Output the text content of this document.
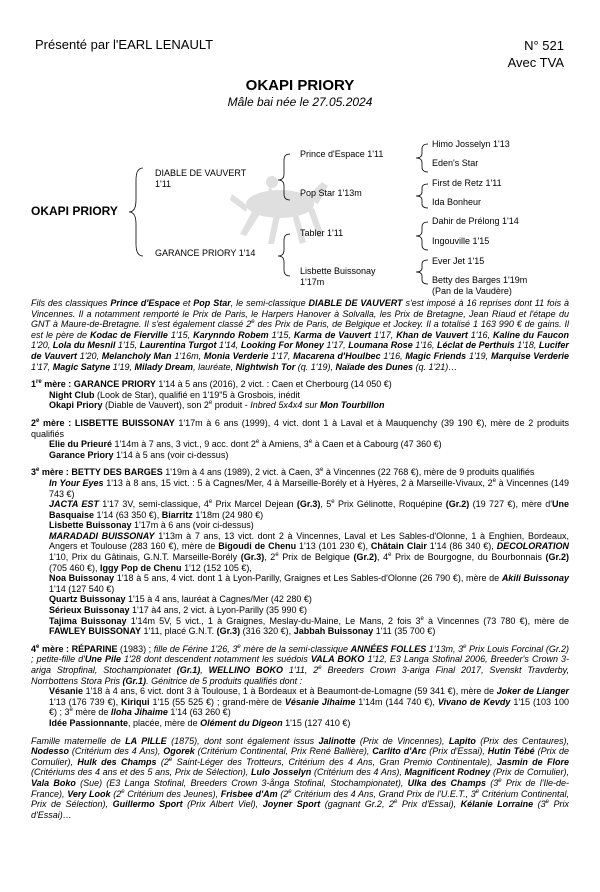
Présenté par l'EARL LENAULT	N° 521
Avec TVA
OKAPI PRIORY
Mâle bai née le 27.05.2024
OKAPI PRIORY
DIABLE DE VAUVERT
1'11
GARANCE PRIORY 1'14
Prince d'Espace 1'11
Pop Star 1'13m
Tabler 1'11
Lisbette Buissonay
1'17m
Himo Josselyn 1'13
Eden's Star
First de Retz 1'11
Ida Bonheur
Dahir de Prélong 1'14
Ingouville 1'15
Ever Jet 1'15
Betty des Barges 1'19m
(Pan de la Vaudère)

Fils des classiques Prince d'Espace et Pop Star, le semi-classique DIABLE DE VAUVERT s'est imposé à 16 reprises dont 11 fois à Vincennes. Il a notamment remporté le Prix de Paris, le Harpers Hanover à Solvalla, les Prix de Bretagne, Jean Riaud et l'étape du GNT à Maure-de-Bretagne. Il s'est également classé 2e des Prix de Paris, de Belgique et Jockey. Il a totalisé 1 163 990 € de gains. Il est le père de Kodac de Fierville 1'15, Karynndo Robem 1'15, Karma de Vauvert 1'17, Khan de Vauvert 1'16, Kaline du Faucon 1'20, Lola du Mesnil 1'15, Laurentina Turgot 1'14, Looking For Money 1'17, Loumana Rose 1'16, Léclat de Perthuis 1'18, Lucifer de Vauvert 1'20, Melancholy Man 1'16m, Monia Verderie 1'17, Macarena d'Houlbec 1'16, Magic Friends 1'19, Marquise Verderie 1'17, Magic Satyne 1'19, Milady Dream, lauréate, Nightwish Tor (q. 1'19), Naïade des Dunes (q. 1'21)…

1re mère : GARANCE PRIORY 1'14 à 5 ans (2016), 2 vict. : Caen et Cherbourg (14 050 €)

Night Club (Look de Star), qualifié en 1'19"5 à Grosbois, inédit

Okapi Priory (Diable de Vauvert), son 2e produit - Inbred 5x4x4 sur Mon Tourbillon

2e mère : LISBETTE BUISSONAY 1'17m à 6 ans (1999), 4 vict. dont 1 à Laval et à Mauquenchy (39 190 €), mère de 2 produits qualifiés

Elie du Prieuré 1'14m à 7 ans, 3 vict., 9 acc. dont 2e à Amiens, 3e à Caen et à Cabourg (47 360 €)

Garance Priory 1'14 à 5 ans (voir ci-dessus)

3e mère : BETTY DES BARGES 1'19m à 4 ans (1989), 2 vict. à Caen, 3e à Vincennes (22 768 €), mère de 9 produits qualifiés

In Your Eyes 1'13 à 8 ans, 15 vict. : 5 à Cagnes/Mer, 4 à Marseille-Borély et à Hyères, 2 à Marseille-Vivaux, 2e à Vincennes (149 743 €)

JACTA EST 1'17 3V, semi-classique, 4e Prix Marcel Dejean (Gr.3), 5e Prix Gélinotte, Roquépine (Gr.2) (19 727 €), mère d'Une Basquaise 1'14 (63 350 €), Biarritz 1'18m (24 980 €)

Lisbette Buissonay 1'17m à 6 ans (voir ci-dessus)

MARADADI BUISSONAY 1'13m à 7 ans, 13 vict. dont 2 à Vincennes, Laval et Les Sables-d'Olonne, 1 à Enghien, Bordeaux, Angers et Toulouse (283 160 €), mère de Bigoudi de Chenu 1'13 (101 230 €), Châtain Clair 1'14 (86 340 €), DECOLORATION 1'10, Prix du Gâtinais, G.N.T. Marseille-Borély (Gr.3), 2e Prix de Belgique (Gr.2), 4e Prix de Bourgogne, du Bourbonnais (Gr.2) (705 460 €), Iggy Pop de Chenu 1'12 (152 105 €),

Noa Buissonay 1'18 à 5 ans, 4 vict. dont 1 à Lyon-Parilly, Graignes et Les Sables-d'Olonne (26 790 €), mère de Akili Buissonay 1'14 (127 540 €)

Quartz Buissonay 1'15 à 4 ans, lauréat à Cagnes/Mer (42 280 €)

Sérieux Buissonay 1'17 à4 ans, 2 vict. à Lyon-Parilly (35 990 €)

Tajima Buissonay 1'14m 5V, 5 vict., 1 à Graignes, Meslay-du-Maine, Le Mans, 2 fois 3e à Vincennes (73 780 €), mère de FAWLEY BUISSONAY 1'11, placé G.N.T. (Gr.3) (316 320 €), Jabbah Buissonay 1'11 (35 700 €)

4e mère : RÉPARINE (1983) ; fille de Férine 1'26, 3e mère de la semi-classique ANNÉES FOLLES 1'13m, 3e Prix Louis Forcinal (Gr.2) ; petite-fille d'Une Pile 1'28 dont descendent notamment les suédois VALA BOKO 1'12, E3 Langa Stofinal 2006, Breeder's Crown 3-ariga Stropfinal, Stochampionatet (Gr.1), WELLINO BOKO 1'11, 2e Breeders Crown 3-ariga Final 2017, Svenskt Travderby, Norrbottens Stora Pris (Gr.1). Génitrice de 5 produits qualifiés dont :

Vésanie 1'18 à 4 ans, 6 vict. dont 3 à Toulouse, 1 à Bordeaux et à Beaumont-de-Lomagne (59 341 €), mère de Joker de Lianger 1'13 (176 739 €), Kiriqui 1'15 (55 525 €) ; grand-mère de Vésanie Jihaime 1'14m (144 740 €), Vivano de Kevdy 1'15 (103 100 €) ; 3e mère de Iloha Jihaime 1'14 (63 260 €)

Idée Passionnante, placée, mère de Olément du Digeon 1'15 (127 410 €)

Famille maternelle de LA PILLE (1875), dont sont également issus Jalinotte (Prix de Vincennes), Lapito (Prix des Centaures), Nodesso (Critérium des 4 Ans), Ogorek (Critérium Continental, Prix René Ballière), Carlito d'Arc (Prix d'Essai), Hutin Tébé (Prix de Cornulier), Hulk des Champs (2e Saint-Léger des Trotteurs, Critérium des 4 Ans, Gran Premio Continentale), Jasmin de Flore (Critériums des 4 ans et des 5 ans, Prix de Sélection), Lulo Josselyn (Critérium des 4 Ans), Magnificent Rodney (Prix de Cornulier), Vala Boko (Sue) (E3 Langa Stofinal, Breeders Crown 3-ånga Stofinal, Stochampionatet), Ulka des Champs (3e Prix de l'Ile-de-France), Very Look (2e Critérium des Jeunes), Frisbee d'Am (2e Critérium des 4 Ans, Grand Prix de l'U.E.T., 3e Critérium Continental, Prix de Sélection), Guillermo Sport (Prix Albert Viel), Joyner Sport (gagnant Gr.2, 2e Prix d'Essai), Kélanie Lorraine (3e Prix d'Essai)…
